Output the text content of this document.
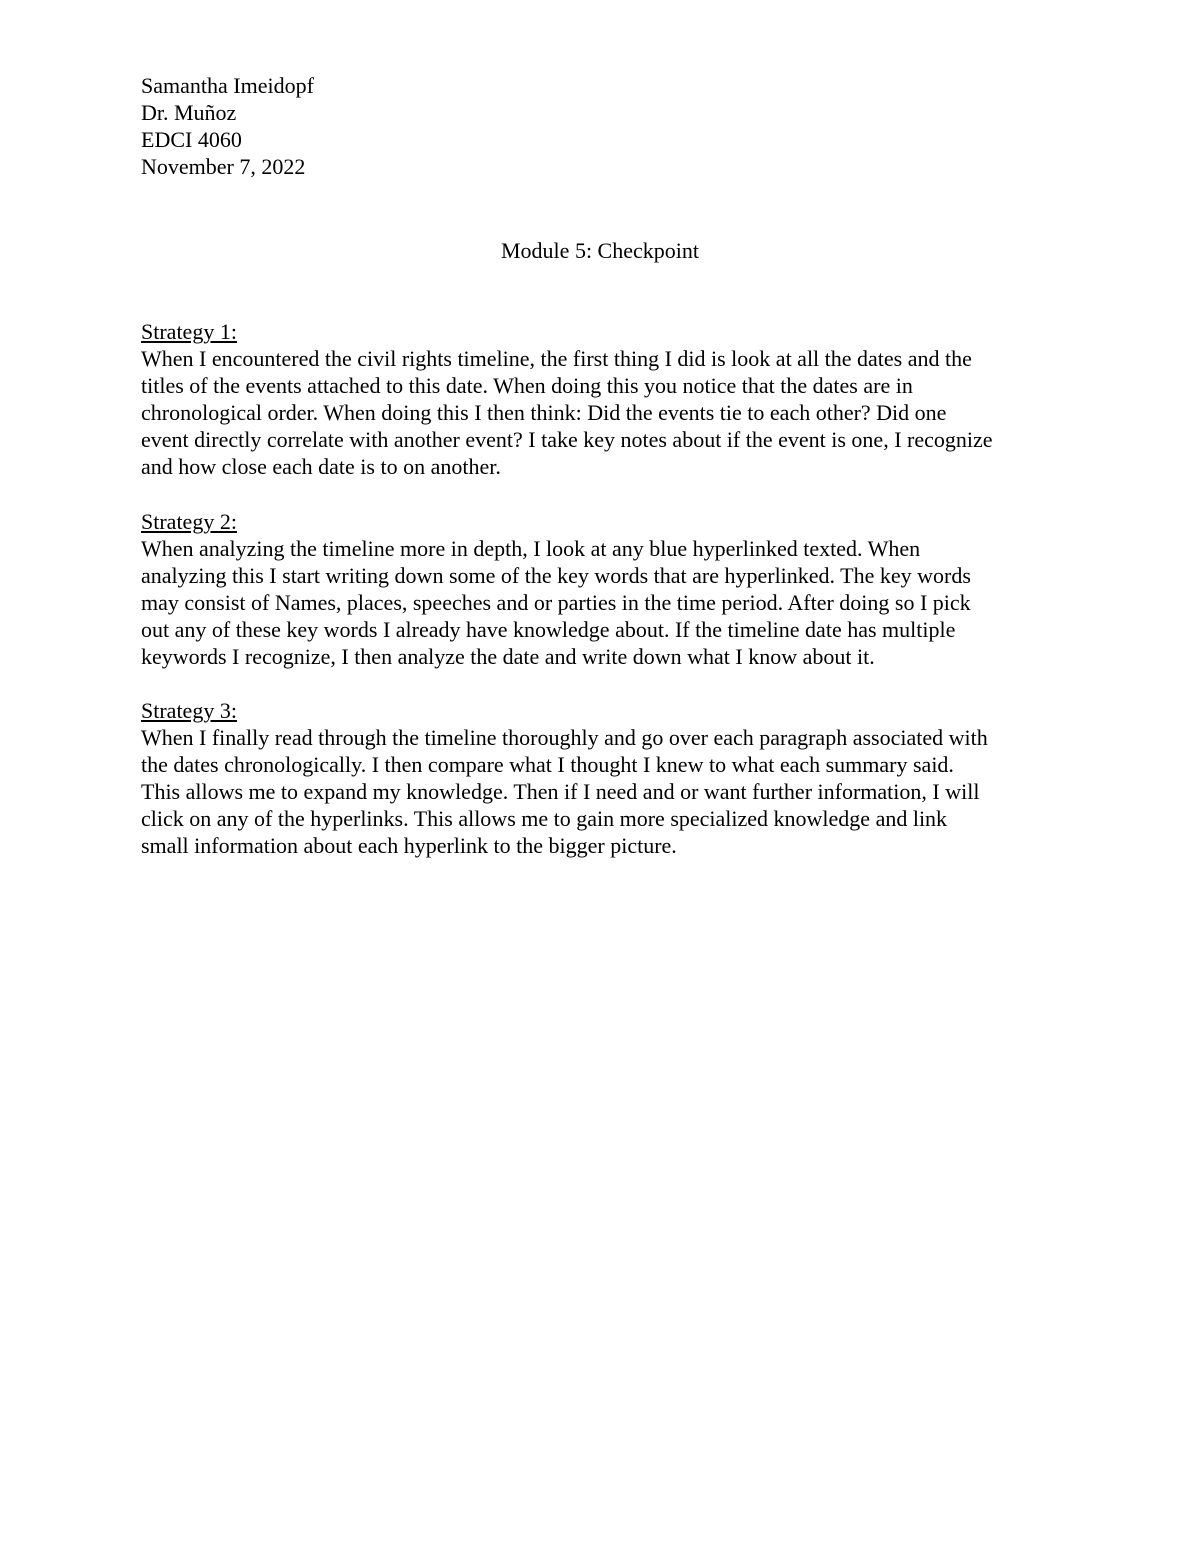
Samantha Imeidopf
Dr. Muñoz
EDCI 4060
November 7, 2022
Module 5: Checkpoint
Strategy 1:
When I encountered the civil rights timeline, the first thing I did is look at all the dates and the
titles of the events attached to this date. When doing this you notice that the dates are in
chronological order. When doing this I then think: Did the events tie to each other? Did one
event directly correlate with another event? I take key notes about if the event is one, I recognize
and how close each date is to on another.
Strategy 2:
When analyzing the timeline more in depth, I look at any blue hyperlinked texted. When
analyzing this I start writing down some of the key words that are hyperlinked. The key words
may consist of Names, places, speeches and or parties in the time period. After doing so I pick
out any of these key words I already have knowledge about. If the timeline date has multiple
keywords I recognize, I then analyze the date and write down what I know about it.
Strategy 3:
When I finally read through the timeline thoroughly and go over each paragraph associated with
the dates chronologically. I then compare what I thought I knew to what each summary said.
This allows me to expand my knowledge. Then if I need and or want further information, I will
click on any of the hyperlinks. This allows me to gain more specialized knowledge and link
small information about each hyperlink to the bigger picture.
